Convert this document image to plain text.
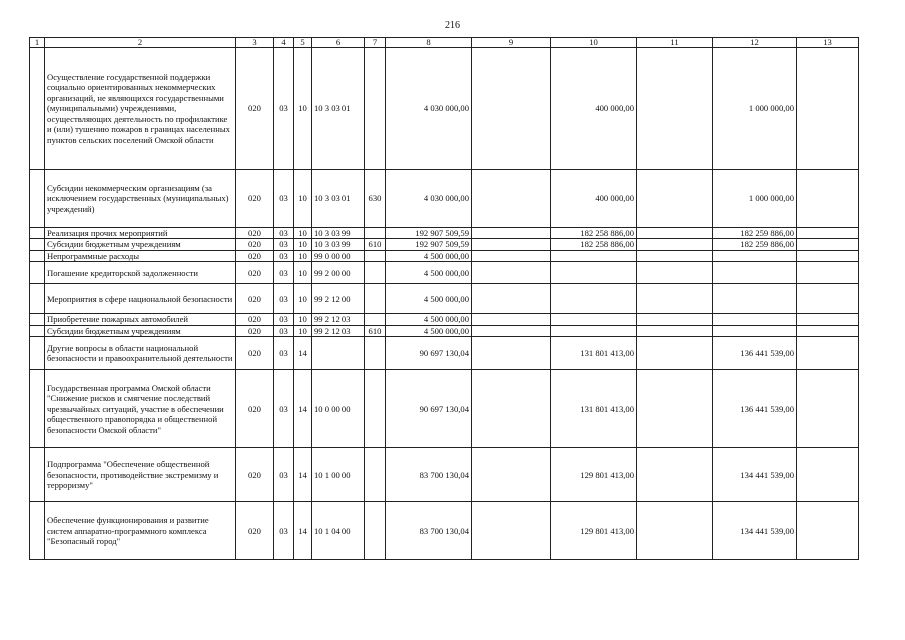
216
1	2	3	4	5	6	7	8	9	10	11	12	13
	Осуществление государственной поддержки социально ориентированных некоммерческих организаций, не являющихся государственными (муниципальными) учреждениями, осуществляющих деятельность по профилактике и (или) тушению пожаров в границах населенных пунктов сельских поселений Омской области	020	03	10	10 3 03 01		4 030 000,00		400 000,00		1 000 000,00	
	Субсидии некоммерческим организациям (за исключением государственных (муниципальных) учреждений)	020	03	10	10 3 03 01	630	4 030 000,00		400 000,00		1 000 000,00	
	Реализация прочих мероприятий	020	03	10	10 3 03 99		192 907 509,59		182 258 886,00		182 259 886,00	
	Субсидии бюджетным учреждениям	020	03	10	10 3 03 99	610	192 907 509,59		182 258 886,00		182 259 886,00	
	Непрограммные расходы	020	03	10	99 0 00 00		4 500 000,00					
	Погашение кредиторской задолженности	020	03	10	99 2 00 00		4 500 000,00					
	Мероприятия в сфере национальной безопасности	020	03	10	99 2 12 00		4 500 000,00					
	Приобретение пожарных автомобилей	020	03	10	99 2 12 03		4 500 000,00					
	Субсидии бюджетным учреждениям	020	03	10	99 2 12 03	610	4 500 000,00					
	Другие вопросы в области национальной безопасности и правоохранительной деятельности	020	03	14			90 697 130,04		131 801 413,00		136 441 539,00	
	Государственная программа Омской области "Снижение рисков и смягчение последствий чрезвычайных ситуаций, участие в обеспечении общественного правопорядка и общественной безопасности Омской области"	020	03	14	10 0 00 00		90 697 130,04		131 801 413,00		136 441 539,00	
	Подпрограмма "Обеспечение общественной безопасности, противодействие экстремизму и терроризму"	020	03	14	10 1 00 00		83 700 130,04		129 801 413,00		134 441 539,00	
	Обеспечение функционирования и развитие систем аппаратно-программного комплекса "Безопасный город"	020	03	14	10 1 04 00		83 700 130,04		129 801 413,00		134 441 539,00	
